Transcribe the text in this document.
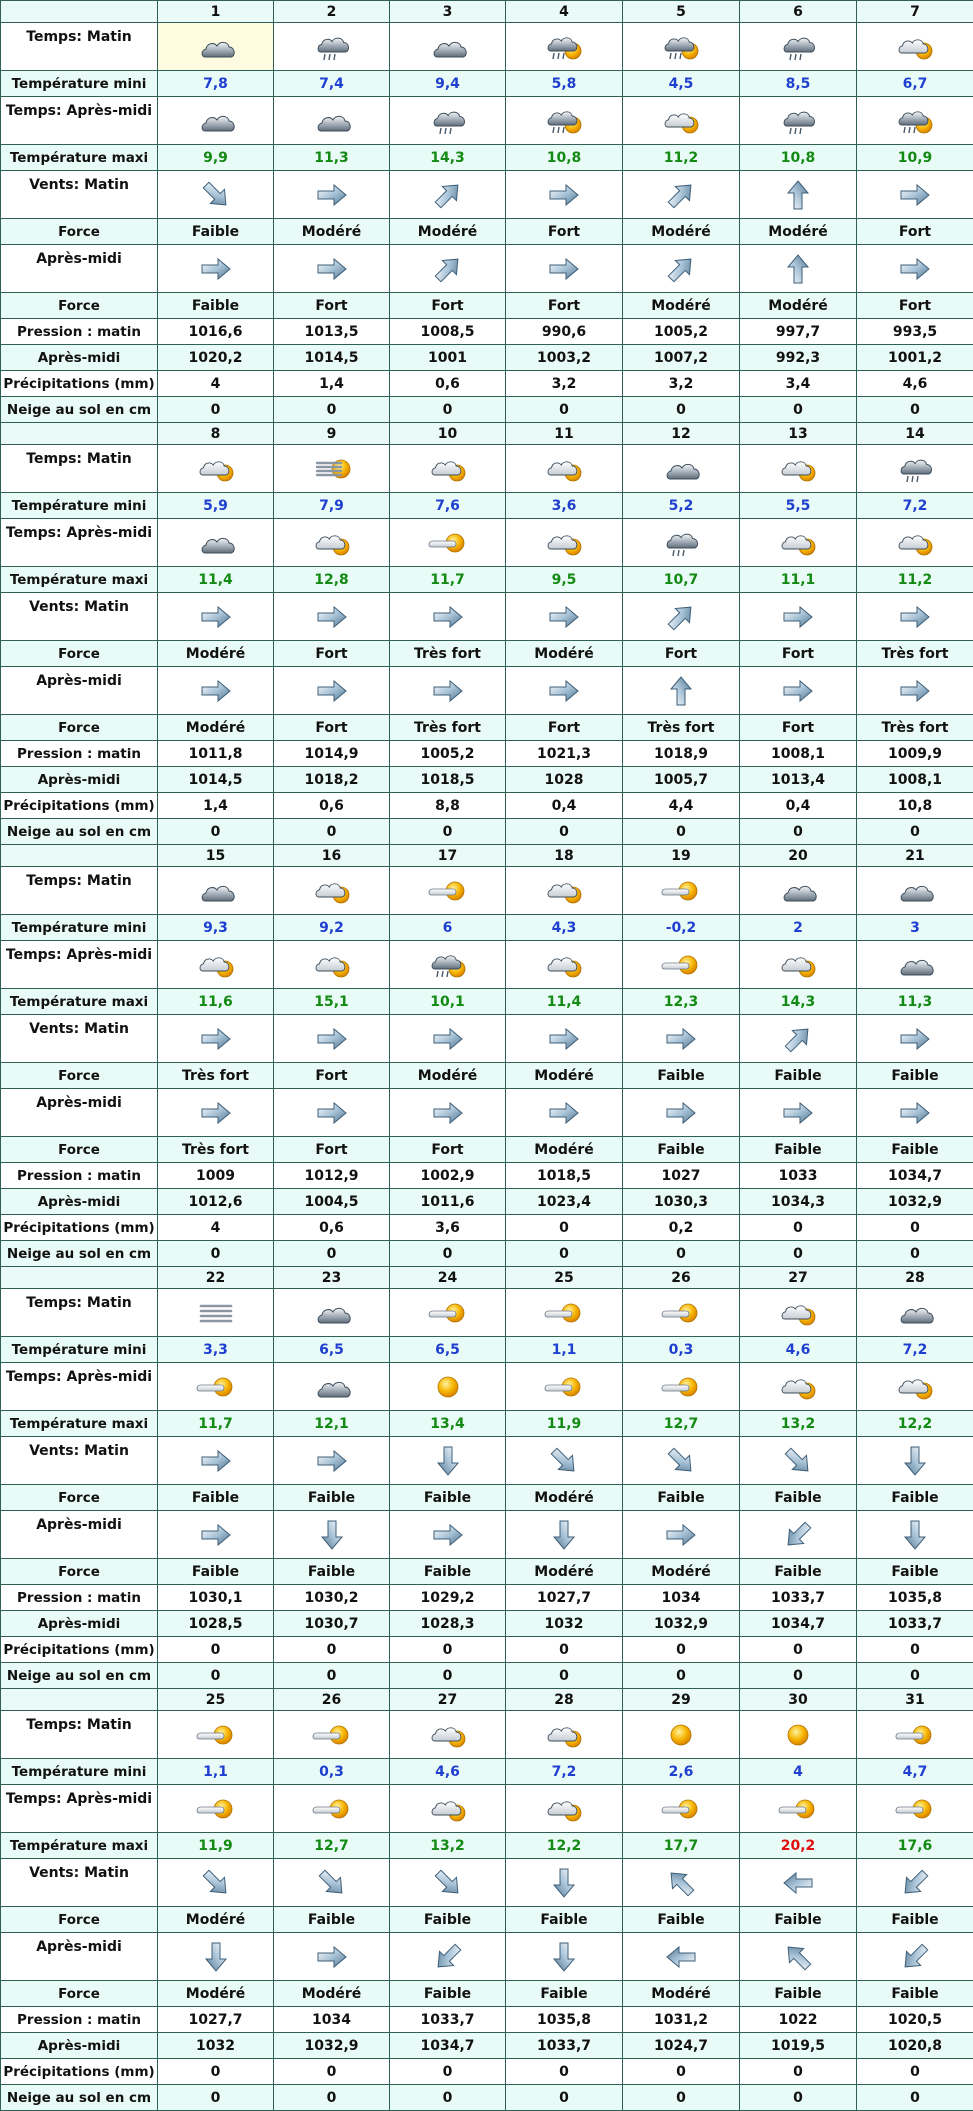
	1	2	3	4	5	6	7
Temps: Matin	

Température mini	7,8	7,4	9,4	5,8	4,5	8,5	6,7
Temps: Après-midi	

Température maxi	9,9	11,3	14,3	10,8	11,2	10,8	10,9
Vents: Matin	

Force	Faible	Modéré	Modéré	Fort	Modéré	Modéré	Fort
Après-midi	

Force	Faible	Fort	Fort	Fort	Modéré	Modéré	Fort
Pression : matin	1016,6	1013,5	1008,5	990,6	1005,2	997,7	993,5
Après-midi	1020,2	1014,5	1001	1003,2	1007,2	992,3	1001,2
Précipitations (mm)	4	1,4	0,6	3,2	3,2	3,4	4,6
Neige au sol en cm	0	0	0	0	0	0	0
	8	9	10	11	12	13	14
Temps: Matin	

Température mini	5,9	7,9	7,6	3,6	5,2	5,5	7,2
Temps: Après-midi	

Température maxi	11,4	12,8	11,7	9,5	10,7	11,1	11,2
Vents: Matin	

Force	Modéré	Fort	Très fort	Modéré	Fort	Fort	Très fort
Après-midi	

Force	Modéré	Fort	Très fort	Fort	Très fort	Fort	Très fort
Pression : matin	1011,8	1014,9	1005,2	1021,3	1018,9	1008,1	1009,9
Après-midi	1014,5	1018,2	1018,5	1028	1005,7	1013,4	1008,1
Précipitations (mm)	1,4	0,6	8,8	0,4	4,4	0,4	10,8
Neige au sol en cm	0	0	0	0	0	0	0
	15	16	17	18	19	20	21
Temps: Matin	

Température mini	9,3	9,2	6	4,3	-0,2	2	3
Temps: Après-midi	

Température maxi	11,6	15,1	10,1	11,4	12,3	14,3	11,3
Vents: Matin	

Force	Très fort	Fort	Modéré	Modéré	Faible	Faible	Faible
Après-midi	

Force	Très fort	Fort	Fort	Modéré	Faible	Faible	Faible
Pression : matin	1009	1012,9	1002,9	1018,5	1027	1033	1034,7
Après-midi	1012,6	1004,5	1011,6	1023,4	1030,3	1034,3	1032,9
Précipitations (mm)	4	0,6	3,6	0	0,2	0	0
Neige au sol en cm	0	0	0	0	0	0	0
	22	23	24	25	26	27	28
Temps: Matin	

Température mini	3,3	6,5	6,5	1,1	0,3	4,6	7,2
Temps: Après-midi	

Température maxi	11,7	12,1	13,4	11,9	12,7	13,2	12,2
Vents: Matin	

Force	Faible	Faible	Faible	Modéré	Faible	Faible	Faible
Après-midi	

Force	Faible	Faible	Faible	Modéré	Modéré	Faible	Faible
Pression : matin	1030,1	1030,2	1029,2	1027,7	1034	1033,7	1035,8
Après-midi	1028,5	1030,7	1028,3	1032	1032,9	1034,7	1033,7
Précipitations (mm)	0	0	0	0	0	0	0
Neige au sol en cm	0	0	0	0	0	0	0
	25	26	27	28	29	30	31
Temps: Matin	

Température mini	1,1	0,3	4,6	7,2	2,6	4	4,7
Temps: Après-midi	

Température maxi	11,9	12,7	13,2	12,2	17,7	20,2	17,6
Vents: Matin	

Force	Modéré	Faible	Faible	Faible	Faible	Faible	Faible
Après-midi	

Force	Modéré	Modéré	Faible	Faible	Modéré	Faible	Faible
Pression : matin	1027,7	1034	1033,7	1035,8	1031,2	1022	1020,5
Après-midi	1032	1032,9	1034,7	1033,7	1024,7	1019,5	1020,8
Précipitations (mm)	0	0	0	0	0	0	0
Neige au sol en cm	0	0	0	0	0	0	0
